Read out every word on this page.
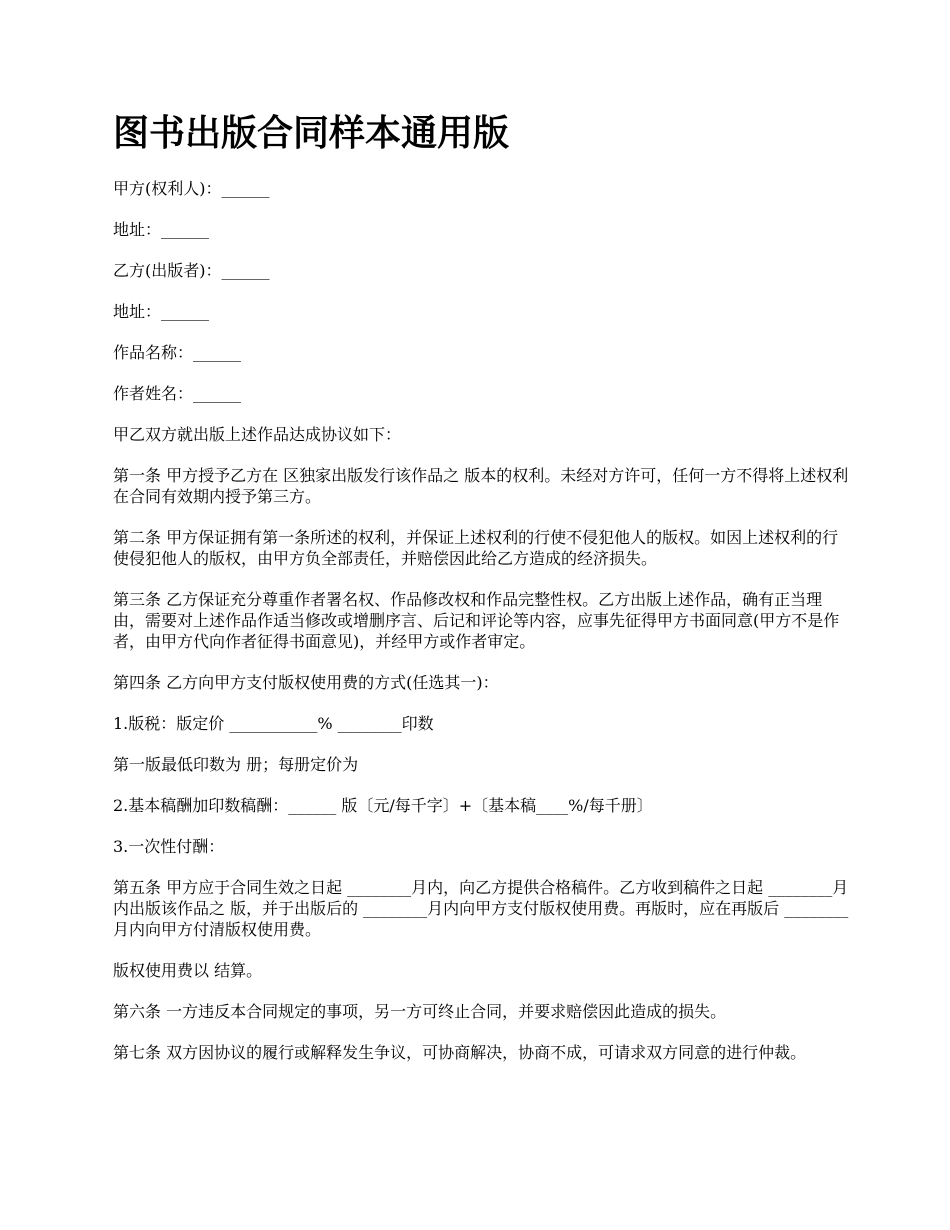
图书出版合同样本通用版

甲方(权利人)：______

地址：______

乙方(出版者)：______

地址：______

作品名称：______

作者姓名：______

甲乙双方就出版上述作品达成协议如下：

第一条 甲方授予乙方在 区独家出版发行该作品之 版本的权利。未经对方许可，任何一方不得将上述权利在合同有效期内授予第三方。

第二条 甲方保证拥有第一条所述的权利，并保证上述权利的行使不侵犯他人的版权。如因上述权利的行使侵犯他人的版权，由甲方负全部责任，并赔偿因此给乙方造成的经济损失。

第三条 乙方保证充分尊重作者署名权、作品修改权和作品完整性权。乙方出版上述作品，确有正当理由，需要对上述作品作适当修改或增删序言、后记和评论等内容，应事先征得甲方书面同意(甲方不是作者，由甲方代向作者征得书面意见)，并经甲方或作者审定。

第四条 乙方向甲方支付版权使用费的方式(任选其一)：

1.版税：版定价 ___________% ________印数

第一版最低印数为 册；每册定价为

2.基本稿酬加印数稿酬：______ 版〔元/每千字〕+〔基本稿____%/每千册〕

3.一次性付酬：

第五条 甲方应于合同生效之日起 ________月内，向乙方提供合格稿件。乙方收到稿件之日起 ________月内出版该作品之 版，并于出版后的 ________月内向甲方支付版权使用费。再版时，应在再版后 ________月内向甲方付清版权使用费。

版权使用费以 结算。

第六条 一方违反本合同规定的事项，另一方可终止合同，并要求赔偿因此造成的损失。

第七条 双方因协议的履行或解释发生争议，可协商解决，协商不成，可请求双方同意的进行仲裁。
